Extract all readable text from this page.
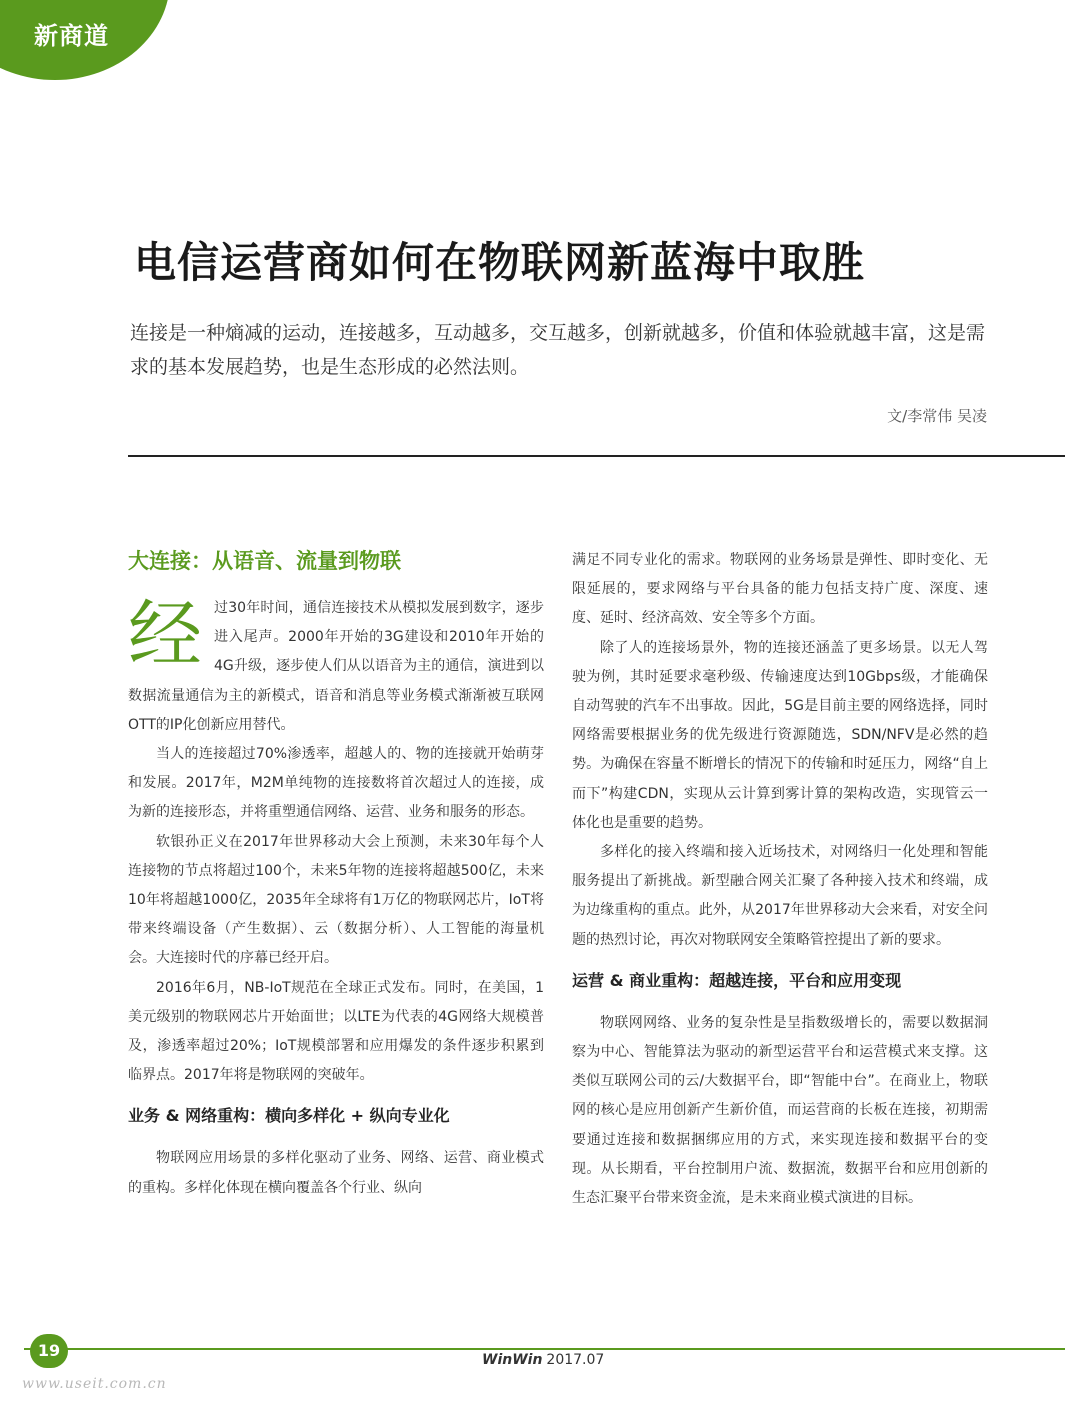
新商道
电信运营商如何在物联网新蓝海中取胜
连接是一种熵减的运动，连接越多，互动越多，交互越多，创新就越多，价值和体验就越丰富，这是需求的基本发展趋势，也是生态形成的必然法则。
文/李常伟 吴凌
大连接：从语音、流量到物联

经过30年时间，通信连接技术从模拟发展到数字，逐步进入尾声。2000年开始的3G建设和2010年开始的4G升级，逐步使人们从以语音为主的通信，演进到以数据流量通信为主的新模式，语音和消息等业务模式渐渐被互联网OTT的IP化创新应用替代。

当人的连接超过70%渗透率，超越人的、物的连接就开始萌芽和发展。2017年，M2M单纯物的连接数将首次超过人的连接，成为新的连接形态，并将重塑通信网络、运营、业务和服务的形态。

软银孙正义在2017年世界移动大会上预测，未来30年每个人连接物的节点将超过100个，未来5年物的连接将超越500亿，未来10年将超越1000亿，2035年全球将有1万亿的物联网芯片，IoT将带来终端设备（产生数据）、云（数据分析）、人工智能的海量机会。大连接时代的序幕已经开启。

2016年6月，NB-IoT规范在全球正式发布。同时，在美国，1美元级别的物联网芯片开始面世；以LTE为代表的4G网络大规模普及，渗透率超过20%；IoT规模部署和应用爆发的条件逐步积累到临界点。2017年将是物联网的突破年。

业务 & 网络重构：横向多样化 + 纵向专业化

物联网应用场景的多样化驱动了业务、网络、运营、商业模式的重构。多样化体现在横向覆盖各个行业、纵向

满足不同专业化的需求。物联网的业务场景是弹性、即时变化、无限延展的，要求网络与平台具备的能力包括支持广度、深度、速度、延时、经济高效、安全等多个方面。

除了人的连接场景外，物的连接还涵盖了更多场景。以无人驾驶为例，其时延要求毫秒级、传输速度达到10Gbps级，才能确保自动驾驶的汽车不出事故。因此，5G是目前主要的网络选择，同时网络需要根据业务的优先级进行资源随选，SDN/NFV是必然的趋势。为确保在容量不断增长的情况下的传输和时延压力，网络“自上而下”构建CDN，实现从云计算到雾计算的架构改造，实现管云一体化也是重要的趋势。

多样化的接入终端和接入近场技术，对网络归一化处理和智能服务提出了新挑战。新型融合网关汇聚了各种接入技术和终端，成为边缘重构的重点。此外，从2017年世界移动大会来看，对安全问题的热烈讨论，再次对物联网安全策略管控提出了新的要求。

运营 & 商业重构：超越连接，平台和应用变现

物联网网络、业务的复杂性是呈指数级增长的，需要以数据洞察为中心、智能算法为驱动的新型运营平台和运营模式来支撑。这类似互联网公司的云/大数据平台，即“智能中台”。在商业上，物联网的核心是应用创新产生新价值，而运营商的长板在连接，初期需要通过连接和数据捆绑应用的方式，来实现连接和数据平台的变现。从长期看，平台控制用户流、数据流，数据平台和应用创新的生态汇聚平台带来资金流，是未来商业模式演进的目标。

19	WinWin 2017.07
www.useit.com.cn
